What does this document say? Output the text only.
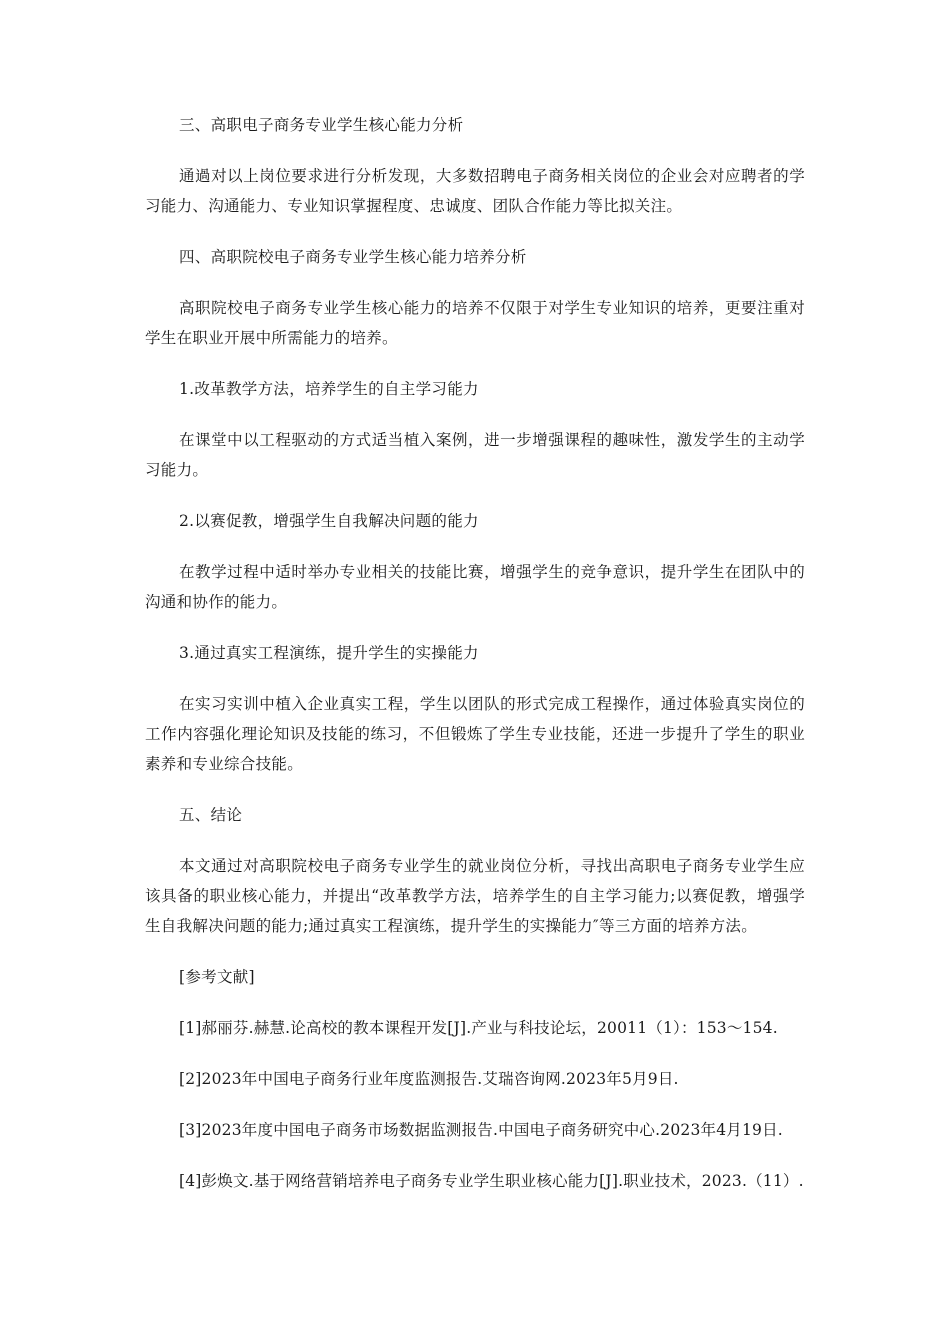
三、高职电子商务专业学生核心能力分析

通過对以上岗位要求进行分析发现，大多数招聘电子商务相关岗位的企业会对应聘者的学习能力、沟通能力、专业知识掌握程度、忠诚度、团队合作能力等比拟关注。

四、高职院校电子商务专业学生核心能力培养分析

高职院校电子商务专业学生核心能力的培养不仅限于对学生专业知识的培养，更要注重对学生在职业开展中所需能力的培养。

1.改革教学方法，培养学生的自主学习能力

在课堂中以工程驱动的方式适当植入案例，进一步增强课程的趣味性，激发学生的主动学习能力。

2.以赛促教，增强学生自我解决问题的能力

在教学过程中适时举办专业相关的技能比赛，增强学生的竞争意识，提升学生在团队中的沟通和协作的能力。

3.通过真实工程演练，提升学生的实操能力

在实习实训中植入企业真实工程，学生以团队的形式完成工程操作，通过体验真实岗位的工作内容强化理论知识及技能的练习，不但锻炼了学生专业技能，还进一步提升了学生的职业素养和专业综合技能。

五、结论

本文通过对高职院校电子商务专业学生的就业岗位分析，寻找出高职电子商务专业学生应该具备的职业核心能力，并提出“改革教学方法，培养学生的自主学习能力;以赛促教，增强学生自我解决问题的能力;通过真实工程演练，提升学生的实操能力″等三方面的培养方法。

[参考文献]

[1]郝丽芬.赫慧.论高校的教本课程开发[J].产业与科技论坛，20011（1）：153～154.

[2]2023年中国电子商务行业年度监测报告.艾瑞咨询网.2023年5月9日.

[3]2023年度中国电子商务市场数据监测报告.中国电子商务研究中心.2023年4月19日.

[4]彭焕文.基于网络营销培养电子商务专业学生职业核心能力[J].职业技术，2023.（11）.
